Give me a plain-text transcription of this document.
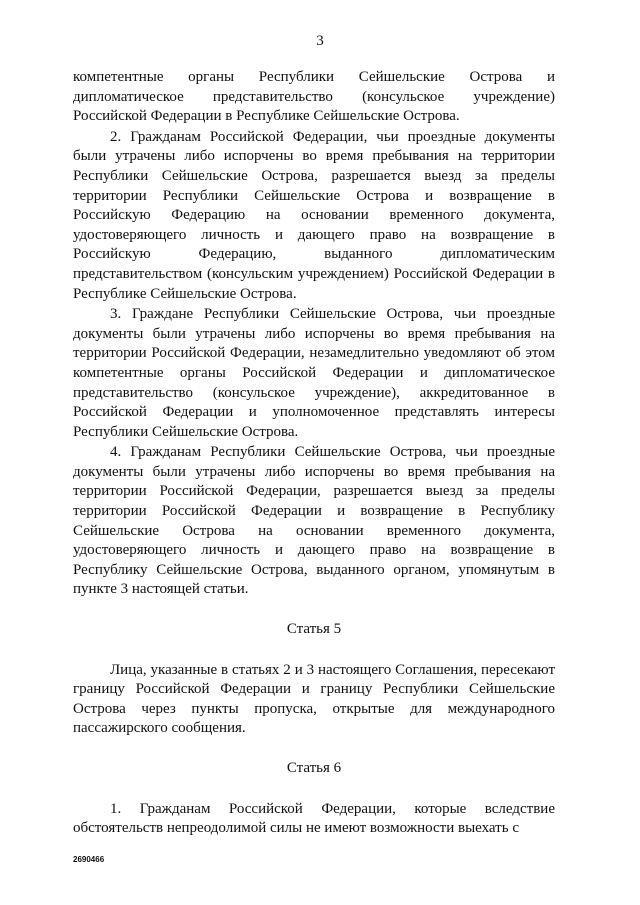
3

компетентные органы Республики Сейшельские Острова и дипломатическое представительство (консульское учреждение) Российской Федерации в Республике Сейшельские Острова.

2. Гражданам Российской Федерации, чьи проездные документы были утрачены либо испорчены во время пребывания на территории Республики Сейшельские Острова, разрешается выезд за пределы территории Республики Сейшельские Острова и возвращение в Российскую Федерацию на основании временного документа, удостоверяющего личность и дающего право на возвращение в Российскую Федерацию, выданного дипломатическим представительством (консульским учреждением) Российской Федерации в Республике Сейшельские Острова.

3. Граждане Республики Сейшельские Острова, чьи проездные документы были утрачены либо испорчены во время пребывания на территории Российской Федерации, незамедлительно уведомляют об этом компетентные органы Российской Федерации и дипломатическое представительство (консульское учреждение), аккредитованное в Российской Федерации и уполномоченное представлять интересы Республики Сейшельские Острова.

4. Гражданам Республики Сейшельские Острова, чьи проездные документы были утрачены либо испорчены во время пребывания на территории Российской Федерации, разрешается выезд за пределы территории Российской Федерации и возвращение в Республику Сейшельские Острова на основании временного документа, удостоверяющего личность и дающего право на возвращение в Республику Сейшельские Острова, выданного органом, упомянутым в пункте 3 настоящей статьи.

Статья 5

Лица, указанные в статьях 2 и 3 настоящего Соглашения, пересекают границу Российской Федерации и границу Республики Сейшельские Острова через пункты пропуска, открытые для международного пассажирского сообщения.

Статья 6

1. Гражданам Российской Федерации, которые вследствие обстоятельств непреодолимой силы не имеют возможности выехать с

2690466
